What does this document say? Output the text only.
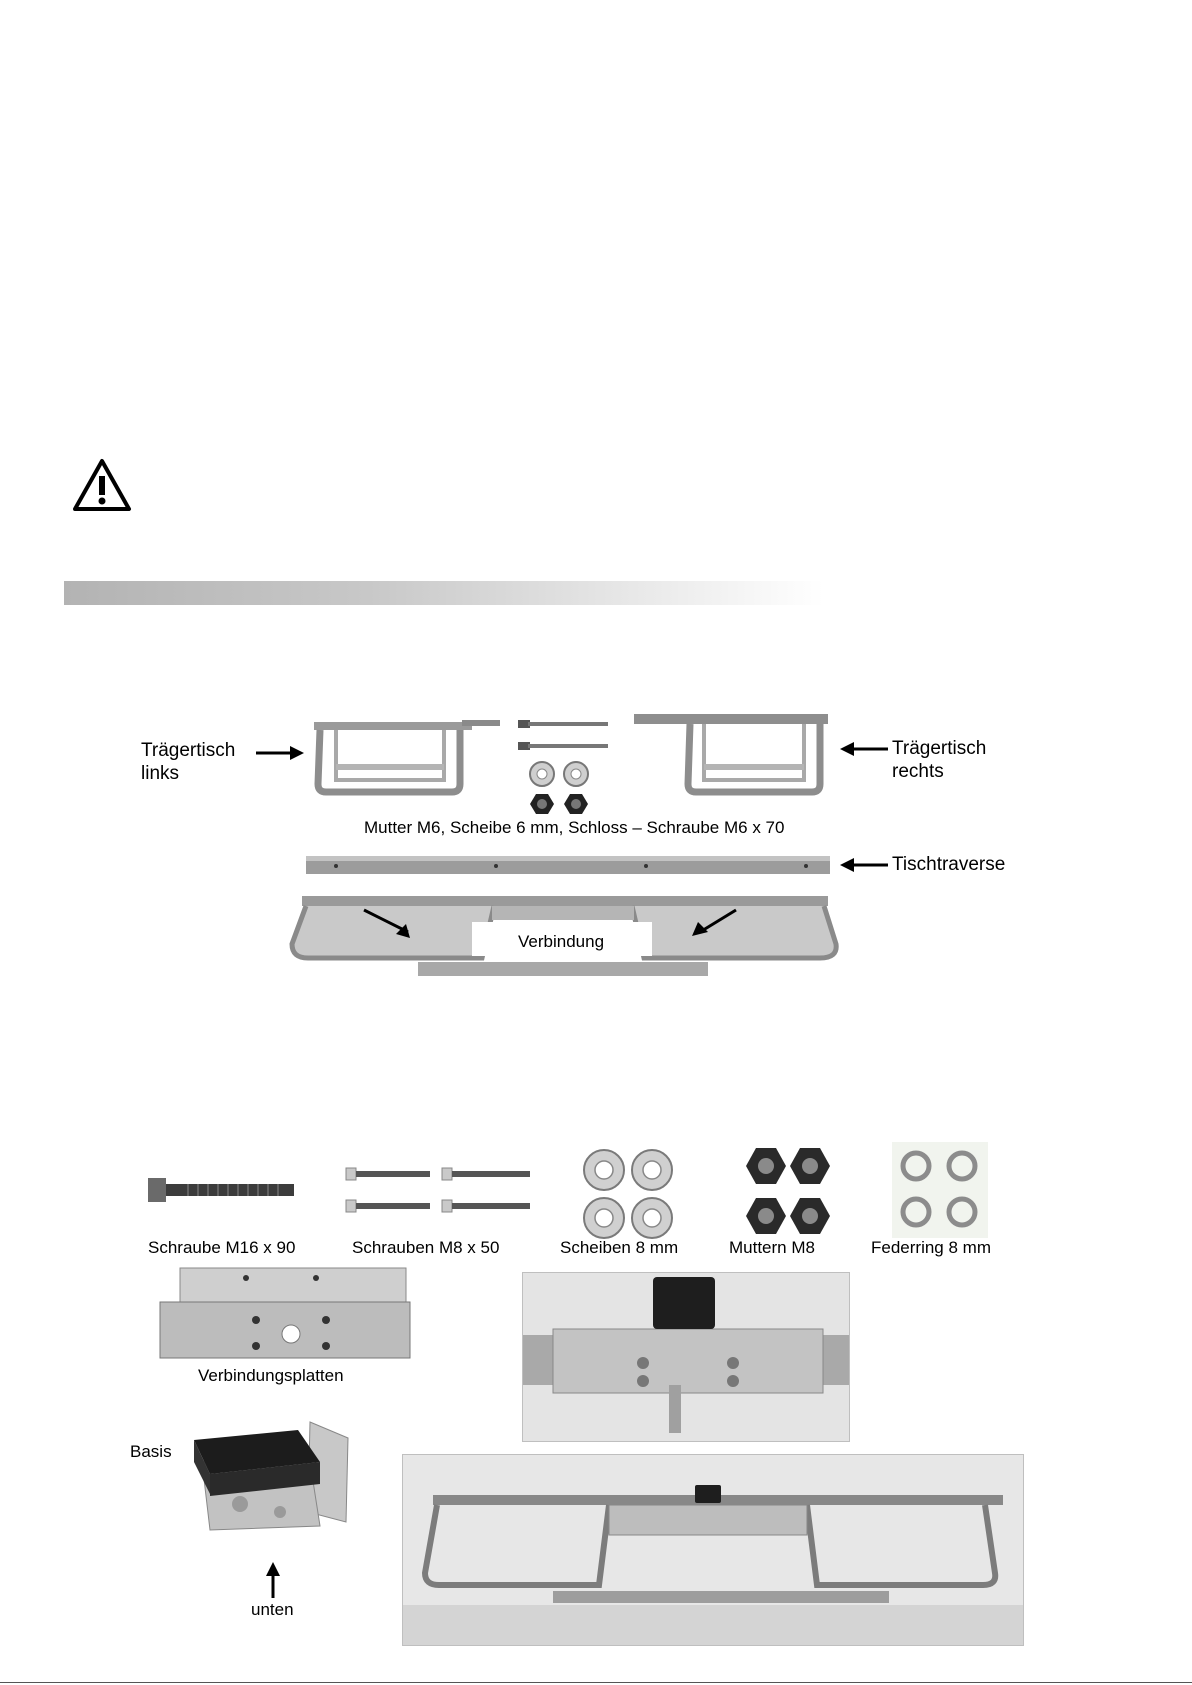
Trägertisch
links
Trägertisch
rechts
Mutter M6, Scheibe 6 mm, Schloss – Schraube M6 x 70
Tischtraverse
Verbindung
Schraube M16 x 90	Schrauben M8 x 50	Scheiben 8 mm	Muttern M8	Federring 8 mm
Verbindungsplatten
Basis
unten
